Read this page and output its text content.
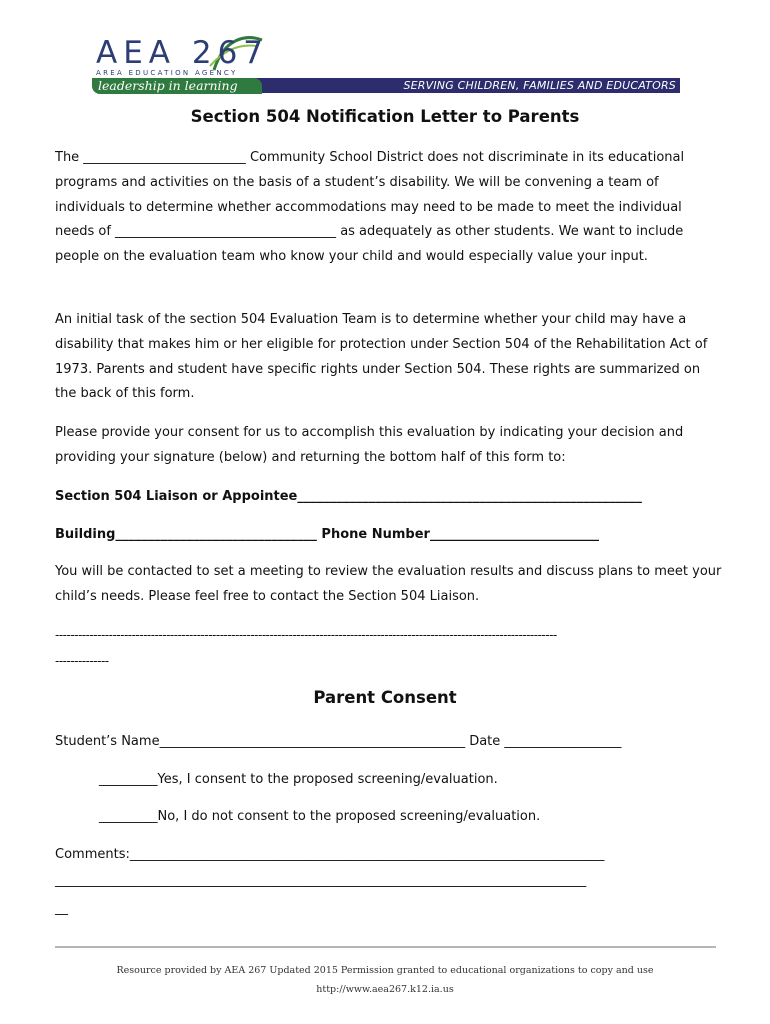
AEA 267
AREA EDUCATION AGENCY
SERVING CHILDREN, FAMILIES AND EDUCATORS
leadership in learning
Section 504 Notification Letter to Parents

The _________________________ Community School District does not discriminate in its educational programs and activities on the basis of a student’s disability. We will be convening a team of individuals to determine whether accommodations may need to be made to meet the individual needs of __________________________________ as adequately as other students. We want to include people on the evaluation team who know your child and would especially value your input.

An initial task of the section 504 Evaluation Team is to determine whether your child may have a disability that makes him or her eligible for protection under Section 504 of the Rehabilitation Act of 1973. Parents and student have specific rights under Section 504. These rights are summarized on the back of this form.

Please provide your consent for us to accomplish this evaluation by indicating your decision and providing your signature (below) and returning the bottom half of this form to:

Section 504 Liaison or Appointee_____________________________________________________
Building_______________________________ Phone Number__________________________

You will be contacted to set a meeting to review the evaluation results and discuss plans to meet your child’s needs. Please feel free to contact the Section 504 Liaison.

-----------------------------------------------------------------------------------------------------------------------------------
--------------
Parent Consent
Student’s Name_______________________________________________ Date __________________
_________Yes, I consent to the proposed screening/evaluation.
_________No, I do not consent to the proposed screening/evaluation.
Comments:_________________________________________________________________________
___________________________________________________________________________________
__
Resource provided by AEA 267 Updated 2015 Permission granted to educational organizations to copy and use
http://www.aea267.k12.ia.us
